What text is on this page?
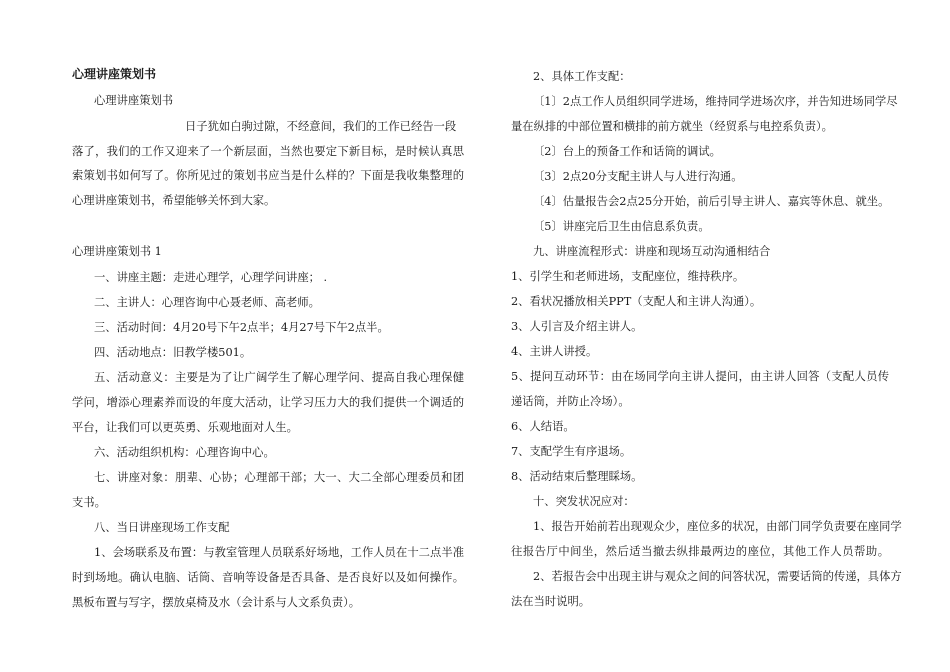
心理讲座策划书
心理讲座策划书
日子犹如白驹过隙，不经意间，我们的工作已经告一段
落了，我们的工作又迎来了一个新层面，当然也要定下新目标，是时候认真思
索策划书如何写了。你所见过的策划书应当是什么样的？下面是我收集整理的
心理讲座策划书，希望能够关怀到大家。
心理讲座策划书 1
一、讲座主题：走进心理学，心理学问讲座； .
二、主讲人：心理咨询中心聂老师、高老师。
三、活动时间：4月20号下午2点半；4月27号下午2点半。
四、活动地点：旧教学楼501。
五、活动意义：主要是为了让广阔学生了解心理学问、提高自我心理保健
学问，增添心理素养而设的年度大活动，让学习压力大的我们提供一个调适的
平台，让我们可以更英勇、乐观地面对人生。
六、活动组织机构：心理咨询中心。
七、讲座对象：朋辈、心协；心理部干部；大一、大二全部心理委员和团
支书。
八、当日讲座现场工作支配
1、会场联系及布置：与教室管理人员联系好场地，工作人员在十二点半准
时到场地。确认电脑、话筒、音响等设备是否具备、是否良好以及如何操作。
黑板布置与写字，摆放桌椅及水（会计系与人文系负责）。
2、具体工作支配：
〔1〕2点工作人员组织同学进场，维持同学进场次序，并告知进场同学尽
量在纵排的中部位置和横排的前方就坐（经贸系与电控系负责）。
〔2〕台上的预备工作和话筒的调试。
〔3〕2点20分支配主讲人与人进行沟通。
〔4〕估量报告会2点25分开始，前后引导主讲人、嘉宾等休息、就坐。
〔5〕讲座完后卫生由信息系负责。
九、讲座流程形式：讲座和现场互动沟通相结合
1、引学生和老师进场，支配座位，维持秩序。
2、看状况播放相关PPT（支配人和主讲人沟通）。
3、人引言及介绍主讲人。
4、主讲人讲授。
5、提问互动环节：由在场同学向主讲人提问，由主讲人回答（支配人员传
递话筒，并防止冷场）。
6、人结语。
7、支配学生有序退场。
8、活动结束后整理睬场。
十、突发状况应对：
1、报告开始前若出现观众少，座位多的状况，由部门同学负责要在座同学
往报告厅中间坐，然后适当撤去纵排最两边的座位，其他工作人员帮助。
2、若报告会中出现主讲与观众之间的问答状况，需要话筒的传递，具体方
法在当时说明。
